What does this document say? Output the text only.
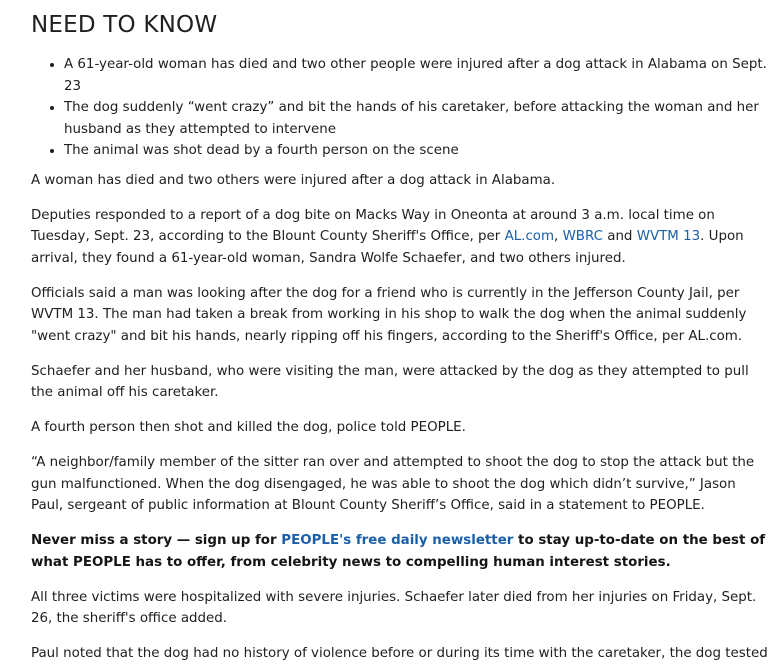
NEED TO KNOW
• A 61-year-old woman has died and two other people were injured after a dog attack in Alabama on Sept. 23
• The dog suddenly “went crazy” and bit the hands of his caretaker, before attacking the woman and her husband as they attempted to intervene
• The animal was shot dead by a fourth person on the scene

A woman has died and two others were injured after a dog attack in Alabama.

Deputies responded to a report of a dog bite on Macks Way in Oneonta at around 3 a.m. local time on Tuesday, Sept. 23, according to the Blount County Sheriff's Office, per AL.com, WBRC and WVTM 13. Upon arrival, they found a 61-year-old woman, Sandra Wolfe Schaefer, and two others injured.

Officials said a man was looking after the dog for a friend who is currently in the Jefferson County Jail, per WVTM 13. The man had taken a break from working in his shop to walk the dog when the animal suddenly "went crazy" and bit his hands, nearly ripping off his fingers, according to the Sheriff's Office, per AL.com.

Schaefer and her husband, who were visiting the man, were attacked by the dog as they attempted to pull the animal off his caretaker.

A fourth person then shot and killed the dog, police told PEOPLE.

“A neighbor/family member of the sitter ran over and attempted to shoot the dog to stop the attack but the gun malfunctioned. When the dog disengaged, he was able to shoot the dog which didn’t survive,” Jason Paul, sergeant of public information at Blount County Sheriff’s Office, said in a statement to PEOPLE.

Never miss a story — sign up for PEOPLE's free daily newsletter to stay up-to-date on the best of what PEOPLE has to offer, from celebrity news to compelling human interest stories.

All three victims were hospitalized with severe injuries. Schaefer later died from her injuries on Friday, Sept. 26, the sheriff's office added.

Paul noted that the dog had no history of violence before or during its time with the caretaker, the dog tested
